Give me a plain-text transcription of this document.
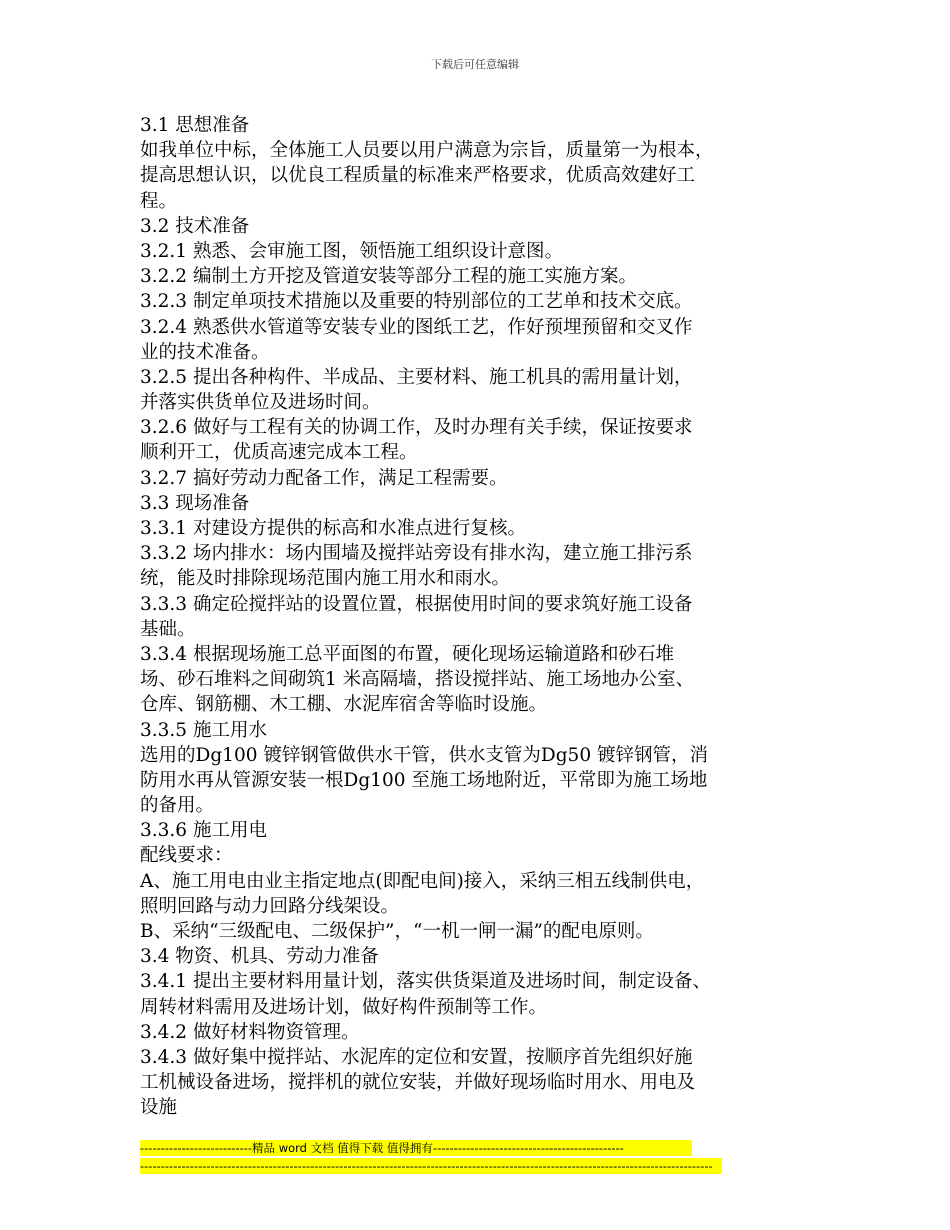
下载后可任意编辑
3.1 思想准备
如我单位中标，全体施工人员要以用户满意为宗旨，质量第一为根本，
提高思想认识，以优良工程质量的标准来严格要求，优质高效建好工
程。
3.2 技术准备
3.2.1 熟悉、会审施工图，领悟施工组织设计意图。
3.2.2 编制土方开挖及管道安装等部分工程的施工实施方案。
3.2.3 制定单项技术措施以及重要的特别部位的工艺单和技术交底。
3.2.4 熟悉供水管道等安装专业的图纸工艺，作好预埋预留和交叉作
业的技术准备。
3.2.5 提出各种构件、半成品、主要材料、施工机具的需用量计划，
并落实供货单位及进场时间。
3.2.6 做好与工程有关的协调工作，及时办理有关手续，保证按要求
顺利开工，优质高速完成本工程。
3.2.7 搞好劳动力配备工作，满足工程需要。
3.3 现场准备
3.3.1 对建设方提供的标高和水准点进行复核。
3.3.2 场内排水：场内围墙及搅拌站旁设有排水沟，建立施工排污系
统，能及时排除现场范围内施工用水和雨水。
3.3.3 确定砼搅拌站的设置位置，根据使用时间的要求筑好施工设备
基础。
3.3.4 根据现场施工总平面图的布置，硬化现场运输道路和砂石堆
场、砂石堆料之间砌筑1 米高隔墙，搭设搅拌站、施工场地办公室、
仓库、钢筋棚、木工棚、水泥库宿舍等临时设施。
3.3.5 施工用水
选用的Dg100 镀锌钢管做供水干管，供水支管为Dg50 镀锌钢管，消
防用水再从管源安装一根Dg100 至施工场地附近，平常即为施工场地
的备用。
3.3.6 施工用电
配线要求：
A、施工用电由业主指定地点(即配电间)接入，采纳三相五线制供电，
照明回路与动力回路分线架设。
B、采纳“三级配电、二级保护”，“一机一闸一漏”的配电原则。
3.4 物资、机具、劳动力准备
3.4.1 提出主要材料用量计划，落实供货渠道及进场时间，制定设备、
周转材料需用及进场计划，做好构件预制等工作。
3.4.2 做好材料物资管理。
3.4.3 做好集中搅拌站、水泥库的定位和安置，按顺序首先组织好施
工机械设备进场，搅拌机的就位安装，并做好现场临时用水、用电及
设施
---------------------------精品 word 文档 值得下载 值得拥有----------------------------------------------
------------------------------------------------------------------------------------------------------------------------------------------
